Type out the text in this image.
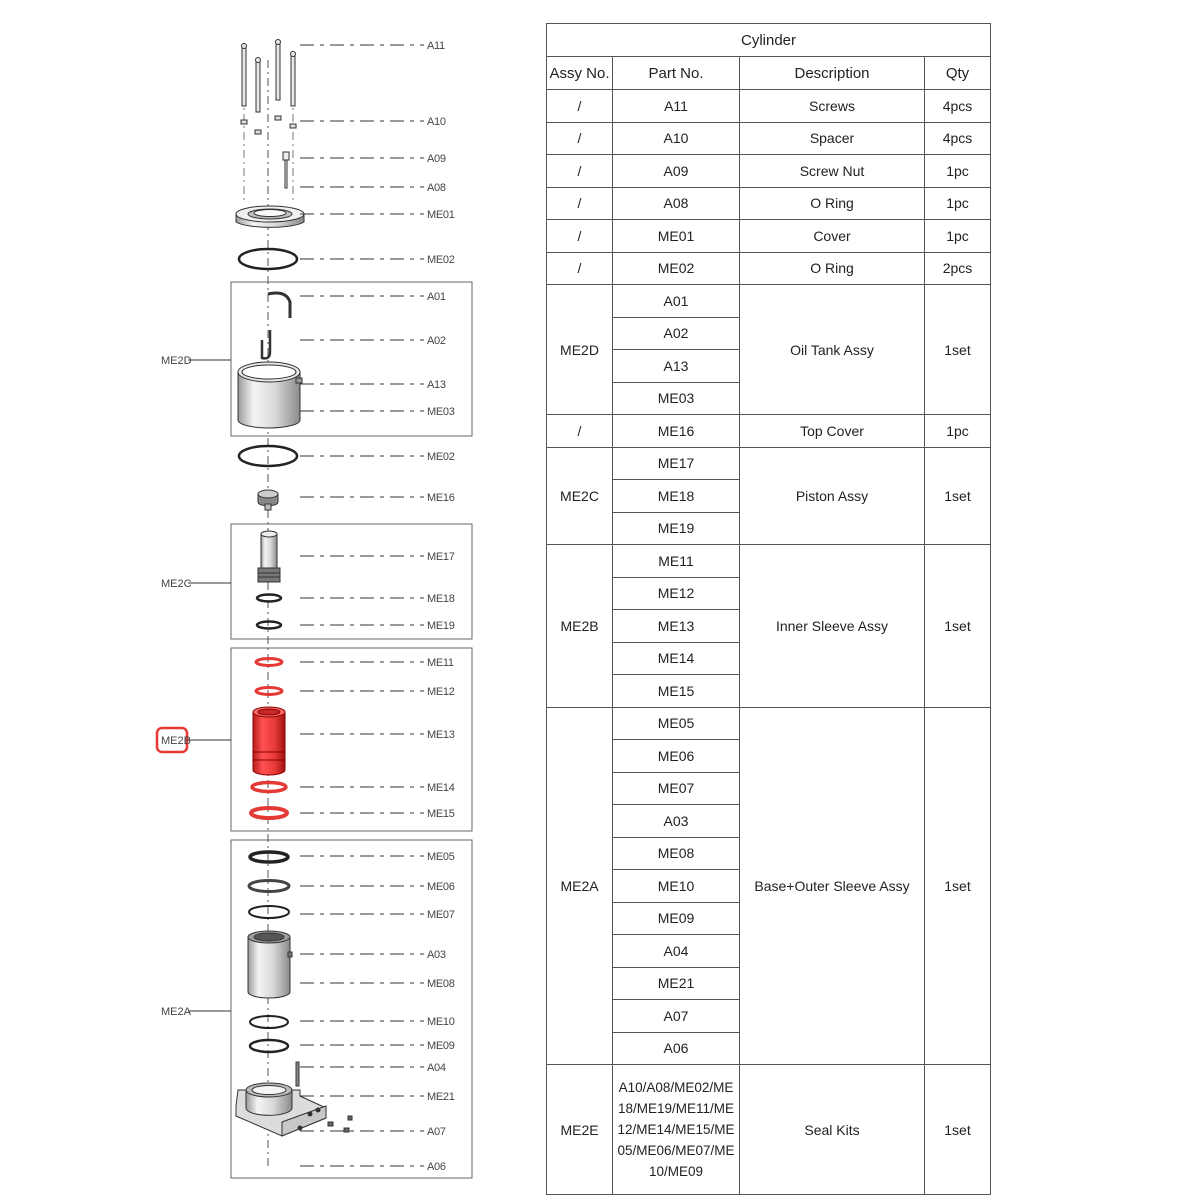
A11
A10
A09
A08
ME01
ME02
A01
A02
A13
ME03
ME02
ME16
ME17
ME18
ME19
ME11
ME12
ME13
ME14
ME15
ME05
ME06
ME07
A03
ME08
ME10
ME09
A04
ME21
A07
A06
ME2D
ME2C
ME2B
ME2A
Cylinder			
Assy No.	Part No.	Description	Qty
/	A11	Screws	4pcs
/	A10	Spacer	4pcs
/	A09	Screw Nut	1pc
/	A08	O Ring	1pc
/	ME01	Cover	1pc
/	ME02	O Ring	2pcs
ME2D	A01	Oil Tank Assy	1set
	A02		
	A13		
	ME03		
/	ME16	Top Cover	1pc
ME2C	ME17	Piston Assy	1set
	ME18		
	ME19		
ME2B	ME11	Inner Sleeve Assy	1set
	ME12		
	ME13		
	ME14		
	ME15		
ME2A	ME05	Base+Outer Sleeve Assy	1set
	ME06		
	ME07		
	A03		
	ME08		
	ME10		
	ME09		
	A04		
	ME21		
	A07		
	A06		
ME2E	A10/A08/ME02/ME18/ME19/ME11/ME12/ME14/ME15/ME05/ME06/ME07/ME10/ME09	Seal Kits	1set
